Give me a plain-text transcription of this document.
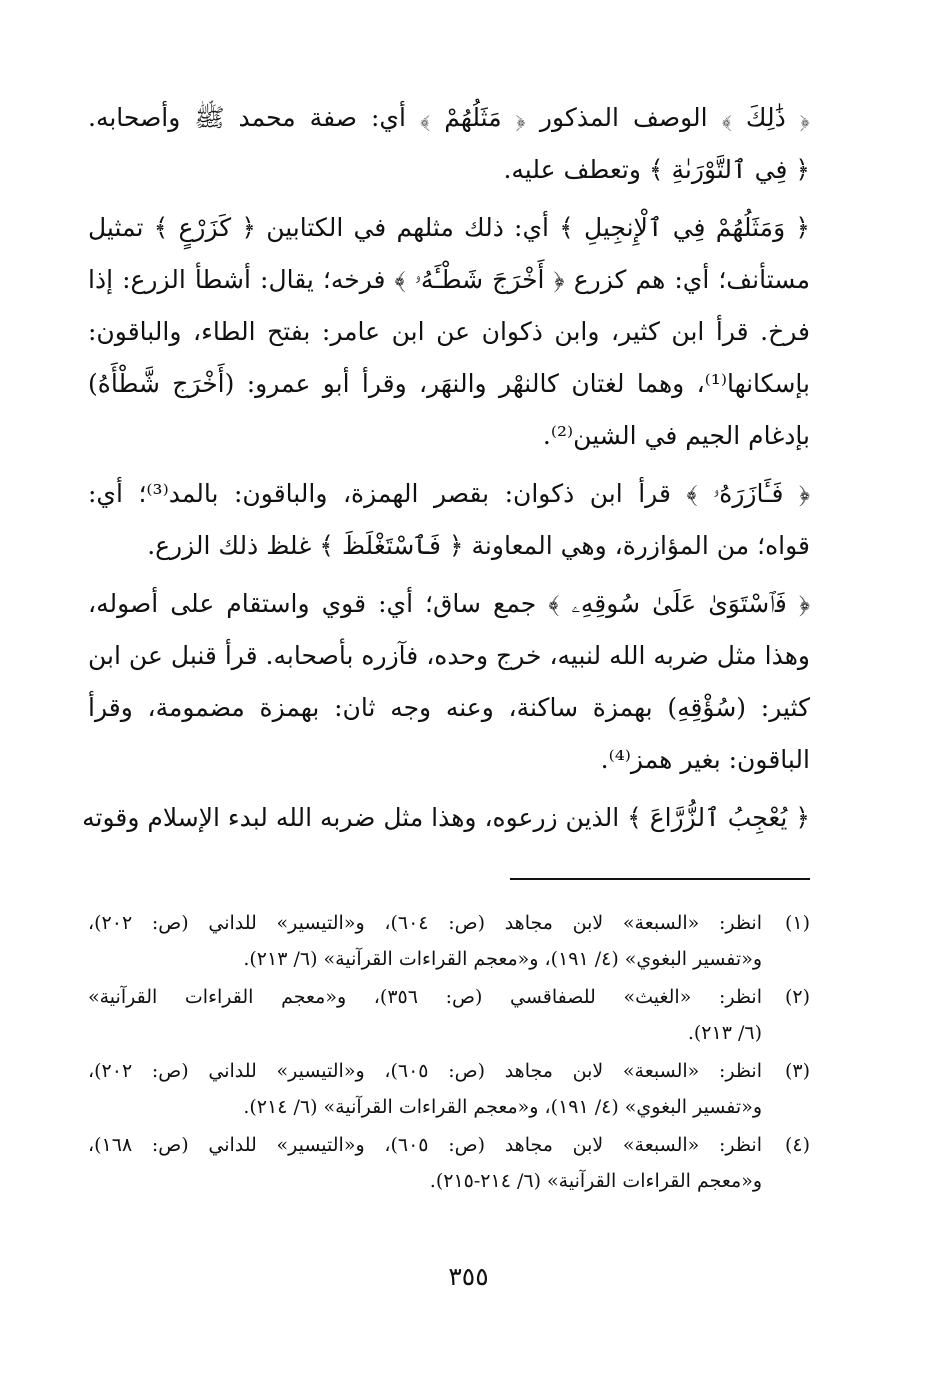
﴿ ذَٰلِكَ ﴾ الوصف المذكور ﴿ مَثَلُهُمْ ﴾ أي: صفة محمد ﷺ وأصحابه.
﴿ فِي ٱلتَّوْرَىٰةِ ﴾ وتعطف عليه.
﴿ وَمَثَلُهُمْ فِي ٱلْإِنجِيلِ ﴾ أي: ذلك مثلهم في الكتابين ﴿ كَزَرْعٍ ﴾ تمثيل
مستأنف؛ أي: هم كزرع ﴿ أَخْرَجَ شَطْـَٔهُۥ ﴾ فرخه؛ يقال: أشطأ الزرع: إذا
فرخ. قرأ ابن كثير، وابن ذكوان عن ابن عامر: بفتح الطاء، والباقون:
بإسكانها⁽¹⁾، وهما لغتان كالنهْر والنهَر، وقرأ أبو عمرو: (أَخْرَج شَّطْأَهُ)
بإدغام الجيم في الشين⁽²⁾.
﴿ فَـَٔازَرَهُۥ ﴾ قرأ ابن ذكوان: بقصر الهمزة، والباقون: بالمد⁽³⁾؛ أي:
قواه؛ من المؤازرة، وهي المعاونة ﴿ فَٱسْتَغْلَظَ ﴾ غلظ ذلك الزرع.
﴿ فَٱسْتَوَىٰ عَلَىٰ سُوقِهِۦ ﴾ جمع ساق؛ أي: قوي واستقام على أصوله،
وهذا مثل ضربه الله لنبيه، خرج وحده، فآزره بأصحابه. قرأ قنبل عن ابن
كثير: (سُؤْقِهِ) بهمزة ساكنة، وعنه وجه ثان: بهمزة مضمومة، وقرأ
الباقون: بغير همز⁽⁴⁾.
﴿ يُعْجِبُ ٱلزُّرَّاعَ ﴾ الذين زرعوه، وهذا مثل ضربه الله لبدء الإسلام وقوته
(١)
انظر: «السبعة» لابن مجاهد (ص: ٦٠٤)، و«التيسير» للداني (ص: ٢٠٢)،
و«تفسير البغوي» (٤/ ١٩١)، و«معجم القراءات القرآنية» (٦/ ٢١٣).
(٢)
انظر: «الغيث» للصفاقسي (ص: ٣٥٦)، و«معجم القراءات القرآنية»
(٦/ ٢١٣).
(٣)
انظر: «السبعة» لابن مجاهد (ص: ٦٠٥)، و«التيسير» للداني (ص: ٢٠٢)،
و«تفسير البغوي» (٤/ ١٩١)، و«معجم القراءات القرآنية» (٦/ ٢١٤).
(٤)
انظر: «السبعة» لابن مجاهد (ص: ٦٠٥)، و«التيسير» للداني (ص: ١٦٨)،
و«معجم القراءات القرآنية» (٦/ ٢١٤-٢١٥).
٣٥٥
